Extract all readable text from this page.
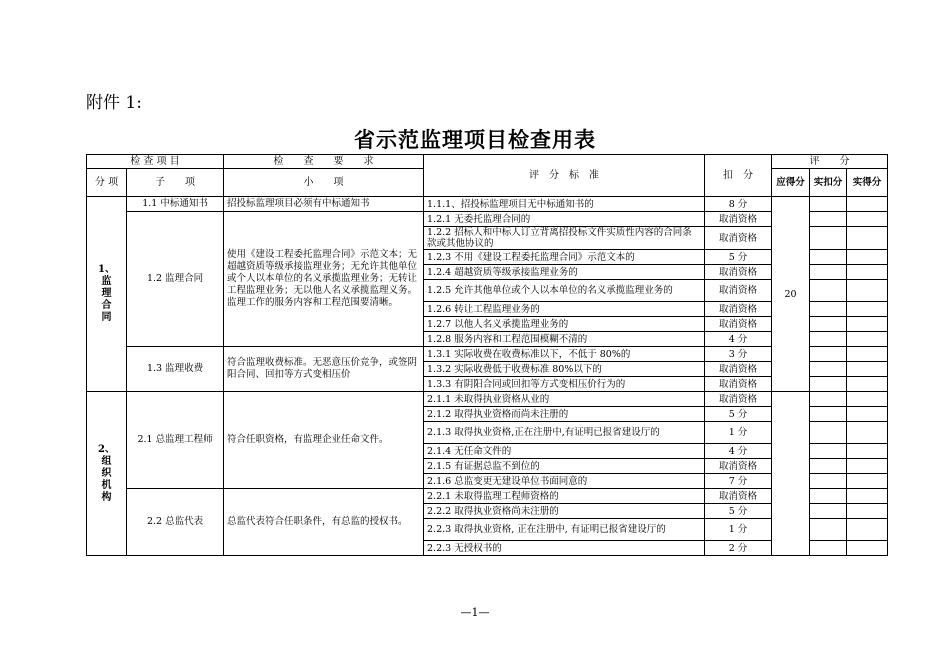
附件 1:
省示范监理项目检查用表
检 查 项 目		检　　查　　要　　求	评　分　标　准	扣　分	评　　分		
分 项	子　　项	小　　项			应得分	实扣分	实得分

1、
监
理
合
同	1.1 中标通知书	招投标监理项目必须有中标通知书	1.1.1、招投标监理项目无中标通知书的	8 分	20		
	1.2 监理合同	使用《建设工程委托监理合同》示范文本；无超越资质等级承接监理业务；无允许其他单位或个人以本单位的名义承揽监理业务；无转让工程监理业务；无以他人名义承揽监理义务。监理工作的服务内容和工程范围要清晰。	1.2.1 无委托监理合同的	取消资格			
			1.2.2 招标人和中标人订立背离招投标文件实质性内容的合同条款或其他协议的	取消资格			
			1.2.3 不用《建设工程委托监理合同》示范文本的	5 分			
			1.2.4 超越资质等级承接监理业务的	取消资格			
			1.2.5 允许其他单位或个人以本单位的名义承揽监理业务的	取消资格			
			1.2.6 转让工程监理业务的	取消资格			
			1.2.7 以他人名义承揽监理业务的	取消资格			
			1.2.8 服务内容和工程范围模糊不清的	4 分			
	1.3 监理收费	符合监理收费标准。无恶意压价竞争，或签阴阳合同、回扣等方式变相压价	1.3.1 实际收费在收费标准以下，不低于 80%的	3 分			
			1.3.2 实际收费低于收费标准 80%以下的	取消资格			
			1.3.3 有阴阳合同或回扣等方式变相压价行为的	取消资格			

2、
组
织
机
构	2.1 总监理工程师	符合任职资格，有监理企业任命文件。	2.1.1 未取得执业资格从业的	取消资格			
			2.1.2 取得执业资格而尚未注册的	5 分			
			2.1.3 取得执业资格,正在注册中,有证明已报省建设厅的	1 分			
			2.1.4 无任命文件的	4 分			
			2.1.5 有证据总监不到位的	取消资格			
			2.1.6 总监变更无建设单位书面同意的	7 分			
	2.2 总监代表	总监代表符合任职条件，有总监的授权书。	2.2.1 未取得监理工程师资格的	取消资格			
			2.2.2 取得执业资格尚未注册的	5 分			
			2.2.3 取得执业资格, 正在注册中, 有证明已报省建设厅的	1 分			
			2.2.3 无授权书的	2 分			
—1—
